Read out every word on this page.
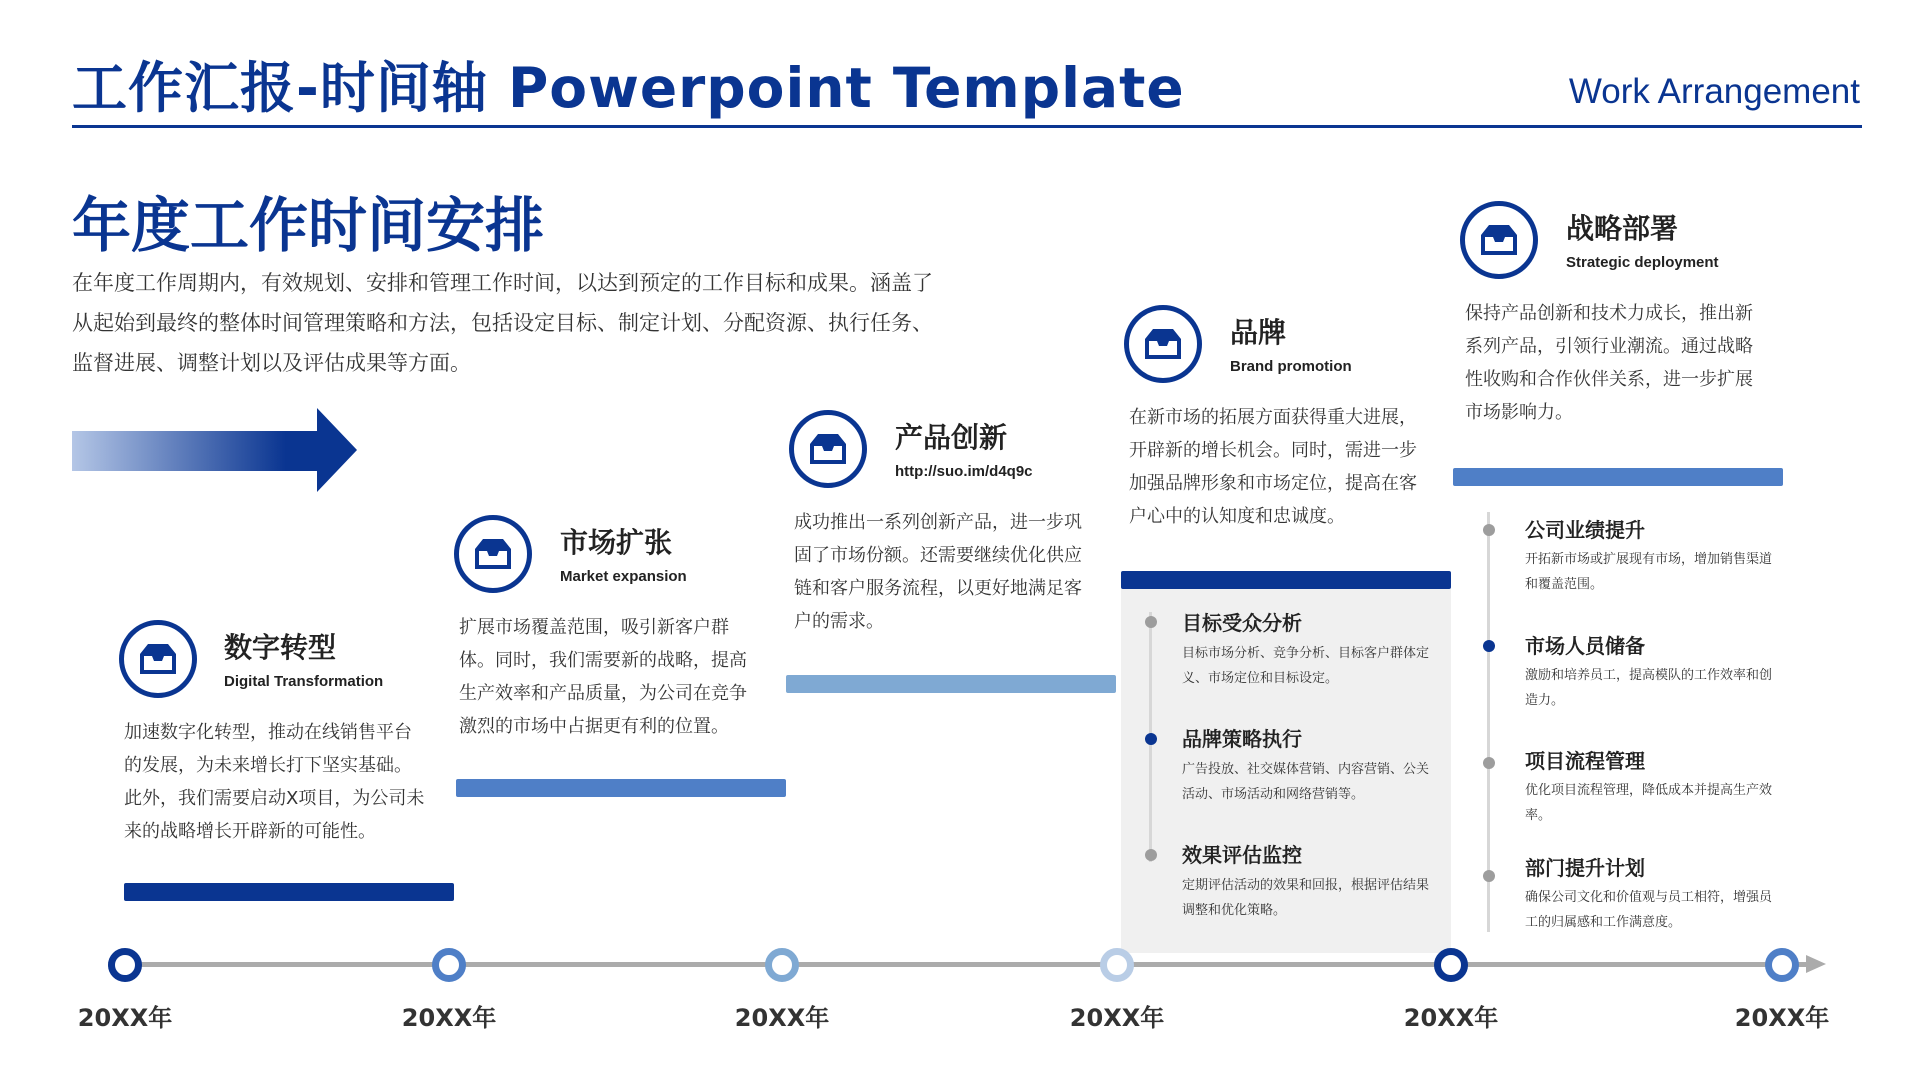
工作汇报-时间轴 Powerpoint Template	Work Arrangement
年度工作时间安排
在年度工作周期内，有效规划、安排和管理工作时间，以达到预定的工作目标和成果。涵盖了从起始到最终的整体时间管理策略和方法，包括设定目标、制定计划、分配资源、执行任务、监督进展、调整计划以及评估成果等方面。
数字转型
Digital Transformation
加速数字化转型，推动在线销售平台的发展，为未来增长打下坚实基础。此外，我们需要启动X项目，为公司未来的战略增长开辟新的可能性。
市场扩张
Market expansion
扩展市场覆盖范围，吸引新客户群体。同时，我们需要新的战略，提高生产效率和产品质量，为公司在竞争激烈的市场中占据更有利的位置。
产品创新
http://suo.im/d4q9c
成功推出一系列创新产品，进一步巩固了市场份额。还需要继续优化供应链和客户服务流程，以更好地满足客户的需求。
品牌
Brand promotion
在新市场的拓展方面获得重大进展，开辟新的增长机会。同时，需进一步加强品牌形象和市场定位，提高在客户心中的认知度和忠诚度。
目标受众分析
目标市场分析、竞争分析、目标客户群体定义、市场定位和目标设定。
品牌策略执行
广告投放、社交媒体营销、内容营销、公关活动、市场活动和网络营销等。
效果评估监控
定期评估活动的效果和回报，根据评估结果调整和优化策略。
战略部署
Strategic deployment
保持产品创新和技术力成长，推出新系列产品，引领行业潮流。通过战略性收购和合作伙伴关系，进一步扩展市场影响力。
公司业绩提升
开拓新市场或扩展现有市场，增加销售渠道和覆盖范围。
市场人员储备
激励和培养员工，提高模队的工作效率和创造力。
项目流程管理
优化项目流程管理，降低成本并提高生产效率。
部门提升计划
确保公司文化和价值观与员工相符，增强员工的归属感和工作满意度。
20XX年	20XX年	20XX年	20XX年	20XX年	20XX年
